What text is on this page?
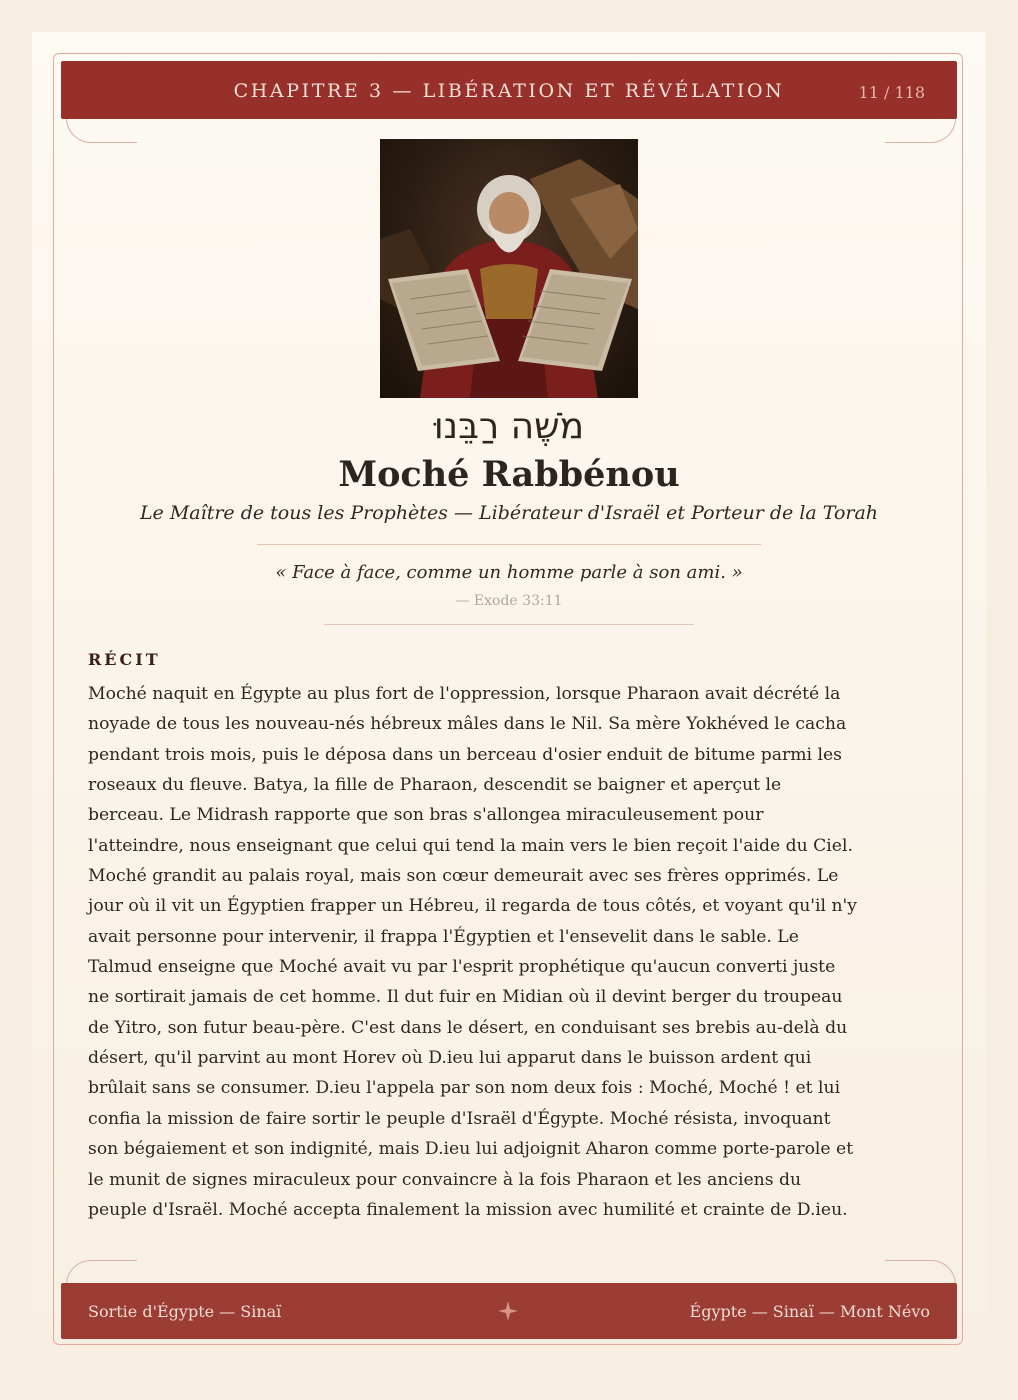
CHAPITRE 3 — LIBÉRATION ET RÉVÉLATION	11 / 118
מֹשֶׁה רַבֵּנוּ
Moché Rabbénou
Le Maître de tous les Prophètes — Libérateur d'Israël et Porteur de la Torah
« Face à face, comme un homme parle à son ami. »
— Exode 33:11
RÉCIT
Moché naquit en Égypte au plus fort de l'oppression, lorsque Pharaon avait décrété la noyade de tous les nouveau-nés hébreux mâles dans le Nil. Sa mère Yokhéved le cacha pendant trois mois, puis le déposa dans un berceau d'osier enduit de bitume parmi les roseaux du fleuve. Batya, la fille de Pharaon, descendit se baigner et aperçut le berceau. Le Midrash rapporte que son bras s'allongea miraculeusement pour l'atteindre, nous enseignant que celui qui tend la main vers le bien reçoit l'aide du Ciel. Moché grandit au palais royal, mais son cœur demeurait avec ses frères opprimés. Le jour où il vit un Égyptien frapper un Hébreu, il regarda de tous côtés, et voyant qu'il n'y avait personne pour intervenir, il frappa l'Égyptien et l'ensevelit dans le sable. Le Talmud enseigne que Moché avait vu par l'esprit prophétique qu'aucun converti juste ne sortirait jamais de cet homme. Il dut fuir en Midian où il devint berger du troupeau de Yitro, son futur beau-père. C'est dans le désert, en conduisant ses brebis au-delà du désert, qu'il parvint au mont Horev où D.ieu lui apparut dans le buisson ardent qui brûlait sans se consumer. D.ieu l'appela par son nom deux fois : Moché, Moché ! et lui confia la mission de faire sortir le peuple d'Israël d'Égypte. Moché résista, invoquant son bégaiement et son indignité, mais D.ieu lui adjoignit Aharon comme porte-parole et le munit de signes miraculeux pour convaincre à la fois Pharaon et les anciens du peuple d'Israël. Moché accepta finalement la mission avec humilité et crainte de D.ieu.
Sortie d'Égypte — Sinaï	Égypte — Sinaï — Mont Névo
